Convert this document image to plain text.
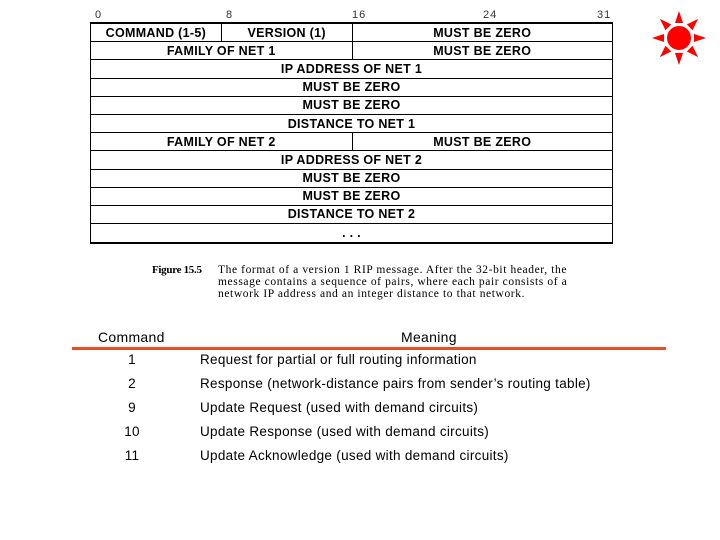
0	8	16	24	31
COMMAND (1-5)	VERSION (1)	MUST BE ZERO
FAMILY OF NET 1	MUST BE ZERO
IP ADDRESS OF NET 1
MUST BE ZERO
MUST BE ZERO
DISTANCE TO NET 1
FAMILY OF NET 2	MUST BE ZERO
IP ADDRESS OF NET 2
MUST BE ZERO
MUST BE ZERO
DISTANCE TO NET 2
. . .
Figure 15.5	The format of a version 1 RIP message. After the 32-bit header, the message contains a sequence of pairs, where each pair consists of a network IP address and an integer distance to that network.
Command	Meaning
1	Request for partial or full routing information
2	Response (network-distance pairs from sender’s routing table)
9	Update Request (used with demand circuits)
10	Update Response (used with demand circuits)
11	Update Acknowledge (used with demand circuits)
